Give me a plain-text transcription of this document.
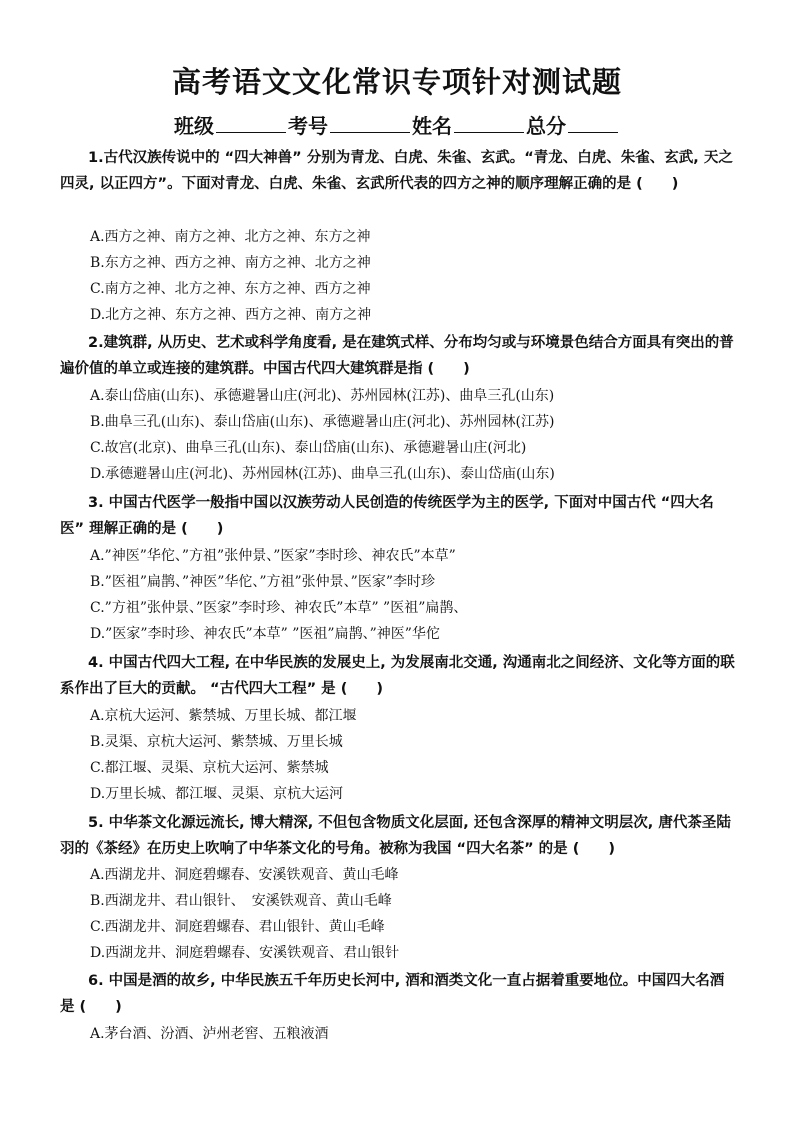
高考语文文化常识专项针对测试题
班级	考号	姓名	总分
1.古代汉族传说中的 “四大神兽” 分别为青龙、白虎、朱雀、玄武。“青龙、白虎、朱雀、玄武, 天之四灵, 以正四方”。下面对青龙、白虎、朱雀、玄武所代表的四方之神的顺序理解正确的是 (　　)
A.西方之神、南方之神、北方之神、东方之神
B.东方之神、西方之神、南方之神、北方之神
C.南方之神、北方之神、东方之神、西方之神
D.北方之神、东方之神、西方之神、南方之神
2.建筑群, 从历史、艺术或科学角度看, 是在建筑式样、分布均匀或与环境景色结合方面具有突出的普遍价值的单立或连接的建筑群。中国古代四大建筑群是指 (　　)
A.泰山岱庙(山东)、承德避暑山庄(河北)、苏州园林(江苏)、曲阜三孔(山东)
B.曲阜三孔(山东)、泰山岱庙(山东)、承德避暑山庄(河北)、苏州园林(江苏)
C.故宫(北京)、曲阜三孔(山东)、泰山岱庙(山东)、承德避暑山庄(河北)
D.承德避暑山庄(河北)、苏州园林(江苏)、曲阜三孔(山东)、泰山岱庙(山东)
3. 中国古代医学一般指中国以汉族劳动人民创造的传统医学为主的医学, 下面对中国古代 “四大名医” 理解正确的是 (　　)
A.”神医”华佗、”方祖”张仲景、”医家”李时珍、神农氏”本草”
B.”医祖”扁鹊、”神医”华佗、”方祖”张仲景、”医家”李时珍
C.”方祖”张仲景、”医家”李时珍、神农氏”本草” ”医祖”扁鹊、
D.”医家”李时珍、神农氏”本草” ”医祖”扁鹊、”神医”华佗
4. 中国古代四大工程, 在中华民族的发展史上, 为发展南北交通, 沟通南北之间经济、文化等方面的联系作出了巨大的贡献。 “古代四大工程” 是 (　　)
A.京杭大运河、紫禁城、万里长城、都江堰
B.灵渠、京杭大运河、紫禁城、万里长城
C.都江堰、灵渠、京杭大运河、紫禁城
D.万里长城、都江堰、灵渠、京杭大运河
5. 中华茶文化源远流长, 博大精深, 不但包含物质文化层面, 还包含深厚的精神文明层次, 唐代茶圣陆羽的《茶经》在历史上吹响了中华茶文化的号角。被称为我国 “四大名茶” 的是 (　　)
A.西湖龙井、洞庭碧螺春、安溪铁观音、黄山毛峰
B.西湖龙井、君山银针、　安溪铁观音、黄山毛峰
C.西湖龙井、洞庭碧螺春、君山银针、黄山毛峰
D.西湖龙井、洞庭碧螺春、安溪铁观音、君山银针
6. 中国是酒的故乡, 中华民族五千年历史长河中, 酒和酒类文化一直占据着重要地位。中国四大名酒是 (　　)
A.茅台酒、汾酒、泸州老窖、五粮液酒
